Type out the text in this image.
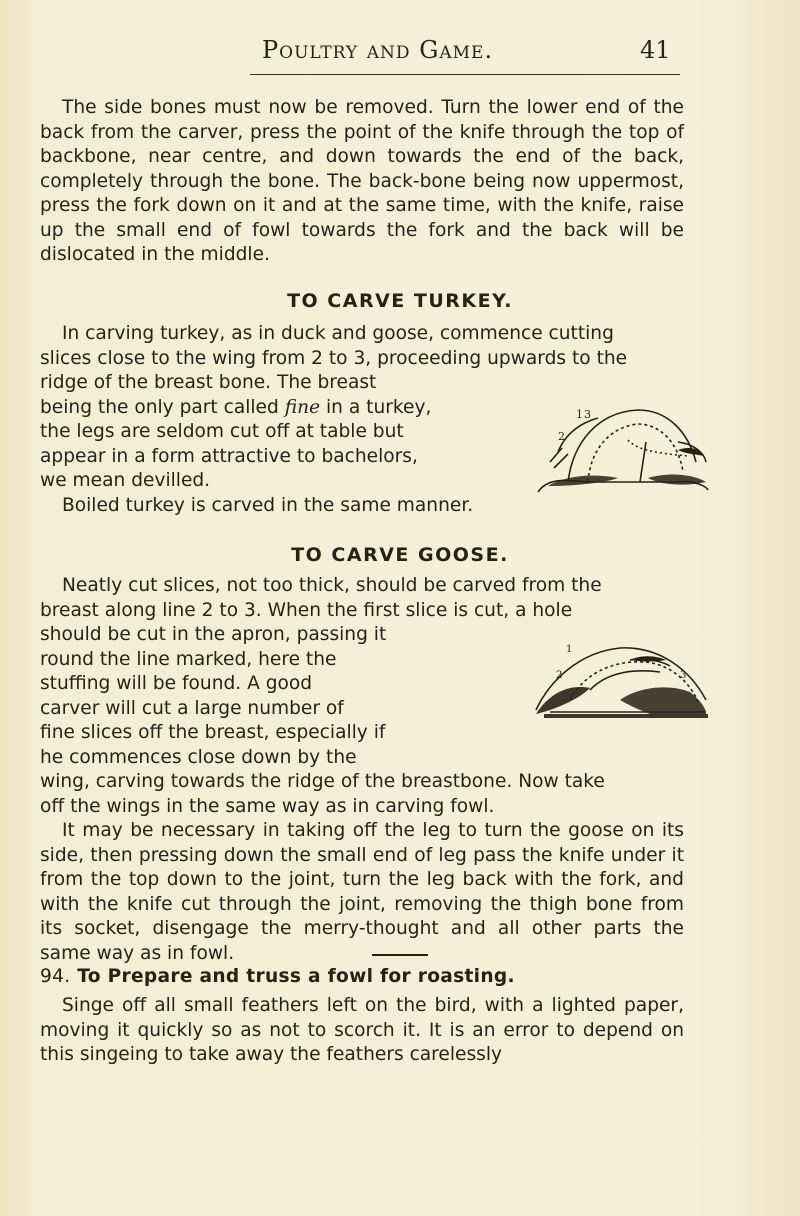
Poultry and Game.	41

The side bones must now be removed. Turn the lower end of the back from the carver, press the point of the knife through the top of backbone, near centre, and down towards the end of the back, completely through the bone. The back-bone being now uppermost, press the fork down on it and at the same time, with the knife, raise up the small end of fowl towards the fork and the back will be dislocated in the middle.

TO CARVE TURKEY.
In carving turkey, as in duck and goose, commence cutting
slices close to the wing from 2 to 3, proceeding upwards to the
ridge of the breast bone. The breast
being the only part called fine in a turkey,
the legs are seldom cut off at table but
appear in a form attractive to bachelors,
we mean devilled.
Boiled turkey is carved in the same manner.
1
2
3
TO CARVE GOOSE.
Neatly cut slices, not too thick, should be carved from the
breast along line 2 to 3. When the first slice is cut, a hole
should be cut in the apron, passing it
round the line marked, here the
stuffing will be found. A good
carver will cut a large number of
fine slices off the breast, especially if
he commences close down by the
wing, carving towards the ridge of the breastbone. Now take
off the wings in the same way as in carving fowl.

It may be necessary in taking off the leg to turn the goose on its side, then pressing down the small end of leg pass the knife under it from the top down to the joint, turn the leg back with the fork, and with the knife cut through the joint, removing the thigh bone from its socket, disengage the merry-thought and all other parts the same way as in fowl.

1
2	3
94. To Prepare and truss a fowl for roasting.

Singe off all small feathers left on the bird, with a lighted paper, moving it quickly so as not to scorch it. It is an error to depend on this singeing to take away the feathers carelessly
